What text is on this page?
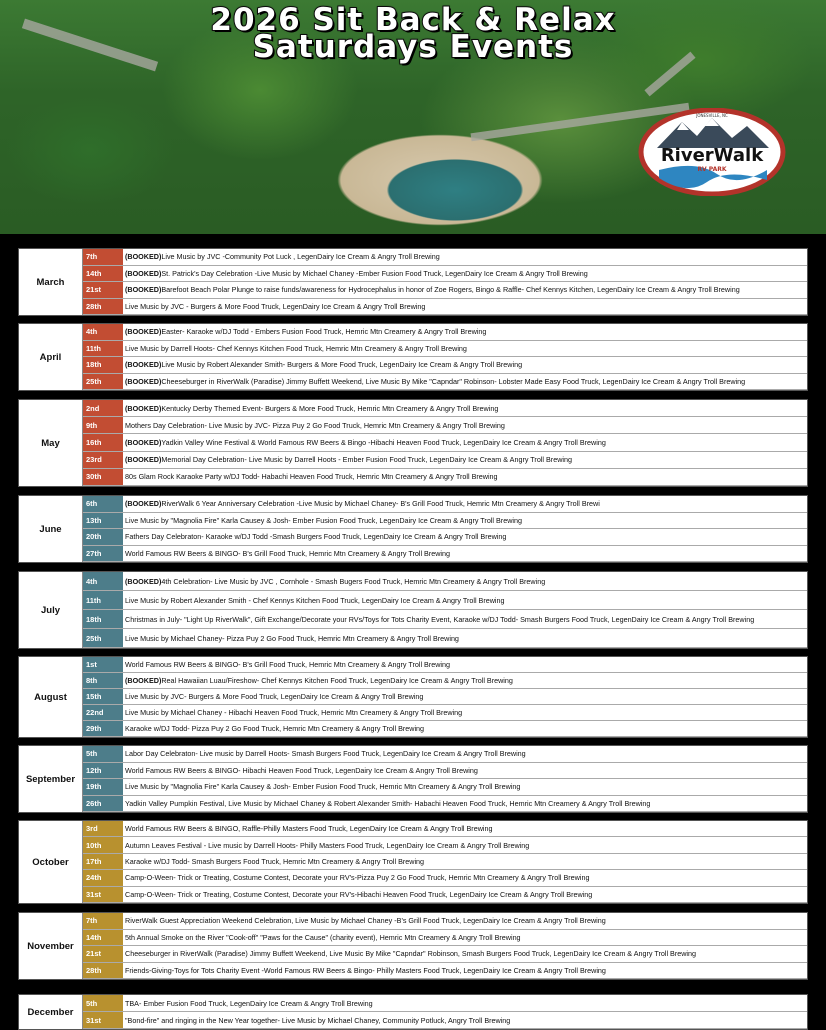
2026 Sit Back & Relax
Saturdays Events
RiverWalk
RV PARK
JONESVILLE, NC
March
7th	(BOOKED) Live Music by JVC -Community Pot Luck , LegenDairy Ice Cream & Angry Troll Brewing
14th	(BOOKED) St. Patrick's Day Celebration -Live Music by Michael Chaney -Ember Fusion Food Truck, LegenDairy Ice Cream & Angry Troll Brewing
21st	(BOOKED) Barefoot Beach Polar Plunge to raise funds/awareness for Hydrocephalus in honor of Zoe Rogers, Bingo & Raffle- Chef Kennys Kitchen, LegenDairy Ice Cream & Angry Troll Brewing
28th	Live Music by JVC - Burgers & More Food Truck, LegenDairy Ice Cream & Angry Troll Brewing
April
4th	(BOOKED) Easter- Karaoke w/DJ Todd - Embers Fusion Food Truck, Hemric Mtn Creamery & Angry Troll Brewing
11th	Live Music by Darrell Hoots- Chef Kennys Kitchen Food Truck, Hemric Mtn Creamery & Angry Troll Brewing
18th	(BOOKED) Live Music by Robert Alexander Smith- Burgers & More Food Truck, LegenDairy Ice Cream & Angry Troll Brewing
25th	(BOOKED) Cheeseburger in RiverWalk (Paradise) Jimmy Buffett Weekend, Live Music By Mike "Capndar" Robinson- Lobster Made Easy Food Truck, LegenDairy Ice Cream & Angry Troll Brewing
May
2nd	(BOOKED) Kentucky Derby Themed Event- Burgers & More Food Truck, Hemric Mtn Creamery & Angry Troll Brewing
9th	Mothers Day Celebration- Live Music by JVC- Pizza Puy 2 Go Food Truck, Hemric Mtn Creamery & Angry Troll Brewing
16th	(BOOKED) Yadkin Valley Wine Festival & World Famous RW Beers & Bingo -Hibachi Heaven Food Truck, LegenDairy Ice Cream & Angry Troll Brewing
23rd	(BOOKED) Memorial Day Celebration- Live Music by Darrell Hoots - Ember Fusion Food Truck, LegenDairy Ice Cream & Angry Troll Brewing
30th	80s Glam Rock Karaoke Party w/DJ Todd- Habachi Heaven Food Truck, Hemric Mtn Creamery & Angry Troll Brewing
June
6th	(BOOKED) RiverWalk 6 Year Anniversary Celebration -Live Music by Michael Chaney- B's Grill Food Truck, Hemric Mtn Creamery & Angry Troll Brewi
13th	Live Music by "Magnolia Fire" Karla Causey & Josh- Ember Fusion Food Truck, LegenDairy Ice Cream & Angry Troll Brewing
20th	Fathers Day Celebraton- Karaoke w/DJ Todd -Smash Burgers Food Truck, LegenDairy Ice Cream & Angry Troll Brewing
27th	World Famous RW Beers & BINGO- B's Grill Food Truck, Hemric Mtn Creamery & Angry Troll Brewing
July
4th	(BOOKED) 4th Celebration- Live Music by JVC , Cornhole - Smash Bugers Food Truck, Hemric Mtn Creamery & Angry Troll Brewing
11th	Live Music by Robert Alexander Smith - Chef Kennys Kitchen Food Truck, LegenDairy Ice Cream & Angry Troll Brewing
18th	Christmas in July- "Light Up RiverWalk", Gift Exchange/Decorate your RVs/Toys for Tots Charity Event, Karaoke w/DJ Todd- Smash Burgers Food Truck, LegenDairy Ice Cream & Angry Troll Brewing
25th	Live Music by Michael Chaney- Pizza Puy 2 Go Food Truck, Hemric Mtn Creamery & Angry Troll Brewing
August
1st	World Famous RW Beers & BINGO- B's Grill Food Truck, Hemric Mtn Creamery & Angry Troll Brewing
8th	(BOOKED) Real Hawaiian Luau/Fireshow- Chef Kennys Kitchen Food Truck, LegenDairy Ice Cream & Angry Troll Brewing
15th	Live Music by JVC- Burgers & More Food Truck, LegenDairy Ice Cream & Angry Troll Brewing
22nd	Live Music by Michael Chaney - Hibachi Heaven Food Truck, Hemric Mtn Creamery & Angry Troll Brewing
29th	Karaoke w/DJ Todd- Pizza Puy 2 Go Food Truck, Hemric Mtn Creamery & Angry Troll Brewing
September
5th	Labor Day Celebraton- Live music by Darrell Hoots- Smash Burgers Food Truck, LegenDairy Ice Cream & Angry Troll Brewing
12th	World Famous RW Beers & BINGO- Hibachi Heaven Food Truck, LegenDairy Ice Cream & Angry Troll Brewing
19th	Live Music by "Magnolia Fire" Karla Causey & Josh- Ember Fusion Food Truck, Hemric Mtn Creamery & Angry Troll Brewing
26th	Yadkin Valley Pumpkin Festival, Live Music by Michael Chaney & Robert Alexander Smith- Habachi Heaven Food Truck, Hemric Mtn Creamery & Angry Troll Brewing
October
3rd	World Famous RW Beers & BINGO, Raffle-Philly Masters Food Truck, LegenDairy Ice Cream & Angry Troll Brewing
10th	Autumn Leaves Festival - Live music by Darrell Hoots- Philly Masters Food Truck, LegenDairy Ice Cream & Angry Troll Brewing
17th	Karaoke w/DJ Todd- Smash Burgers Food Truck, Hemric Mtn Creamery & Angry Troll Brewing
24th	Camp-O-Ween- Trick or Treating, Costume Contest, Decorate your RV's-Pizza Puy 2 Go Food Truck, Hemric Mtn Creamery & Angry Troll Brewing
31st	Camp-O-Ween- Trick or Treating, Costume Contest, Decorate your RV's-Hibachi Heaven Food Truck, LegenDairy Ice Cream & Angry Troll Brewing
November
7th	RiverWalk Guest Appreciation Weekend Celebration, Live Music by Michael Chaney -B's Grill Food Truck, LegenDairy Ice Cream & Angry Troll Brewing
14th	5th Annual Smoke on the River "Cook-off" "Paws for the Cause" (charity event), Hemric Mtn Creamery & Angry Troll Brewing
21st	Cheeseburger in RiverWalk (Paradise) Jimmy Buffett Weekend, Live Music By Mike "Capndar" Robinson, Smash Burgers Food Truck, LegenDairy Ice Cream & Angry Troll Brewing
28th	Friends-Giving-Toys for Tots Charity Event -World Famous RW Beers & Bingo- Philly Masters Food Truck, LegenDairy Ice Cream & Angry Troll Brewing
December
5th	TBA- Ember Fusion Food Truck, LegenDairy Ice Cream & Angry Troll Brewing
31st	"Bond-fire" and ringing in the New Year together- Live Music by Michael Chaney, Community Potluck, Angry Troll Brewing
